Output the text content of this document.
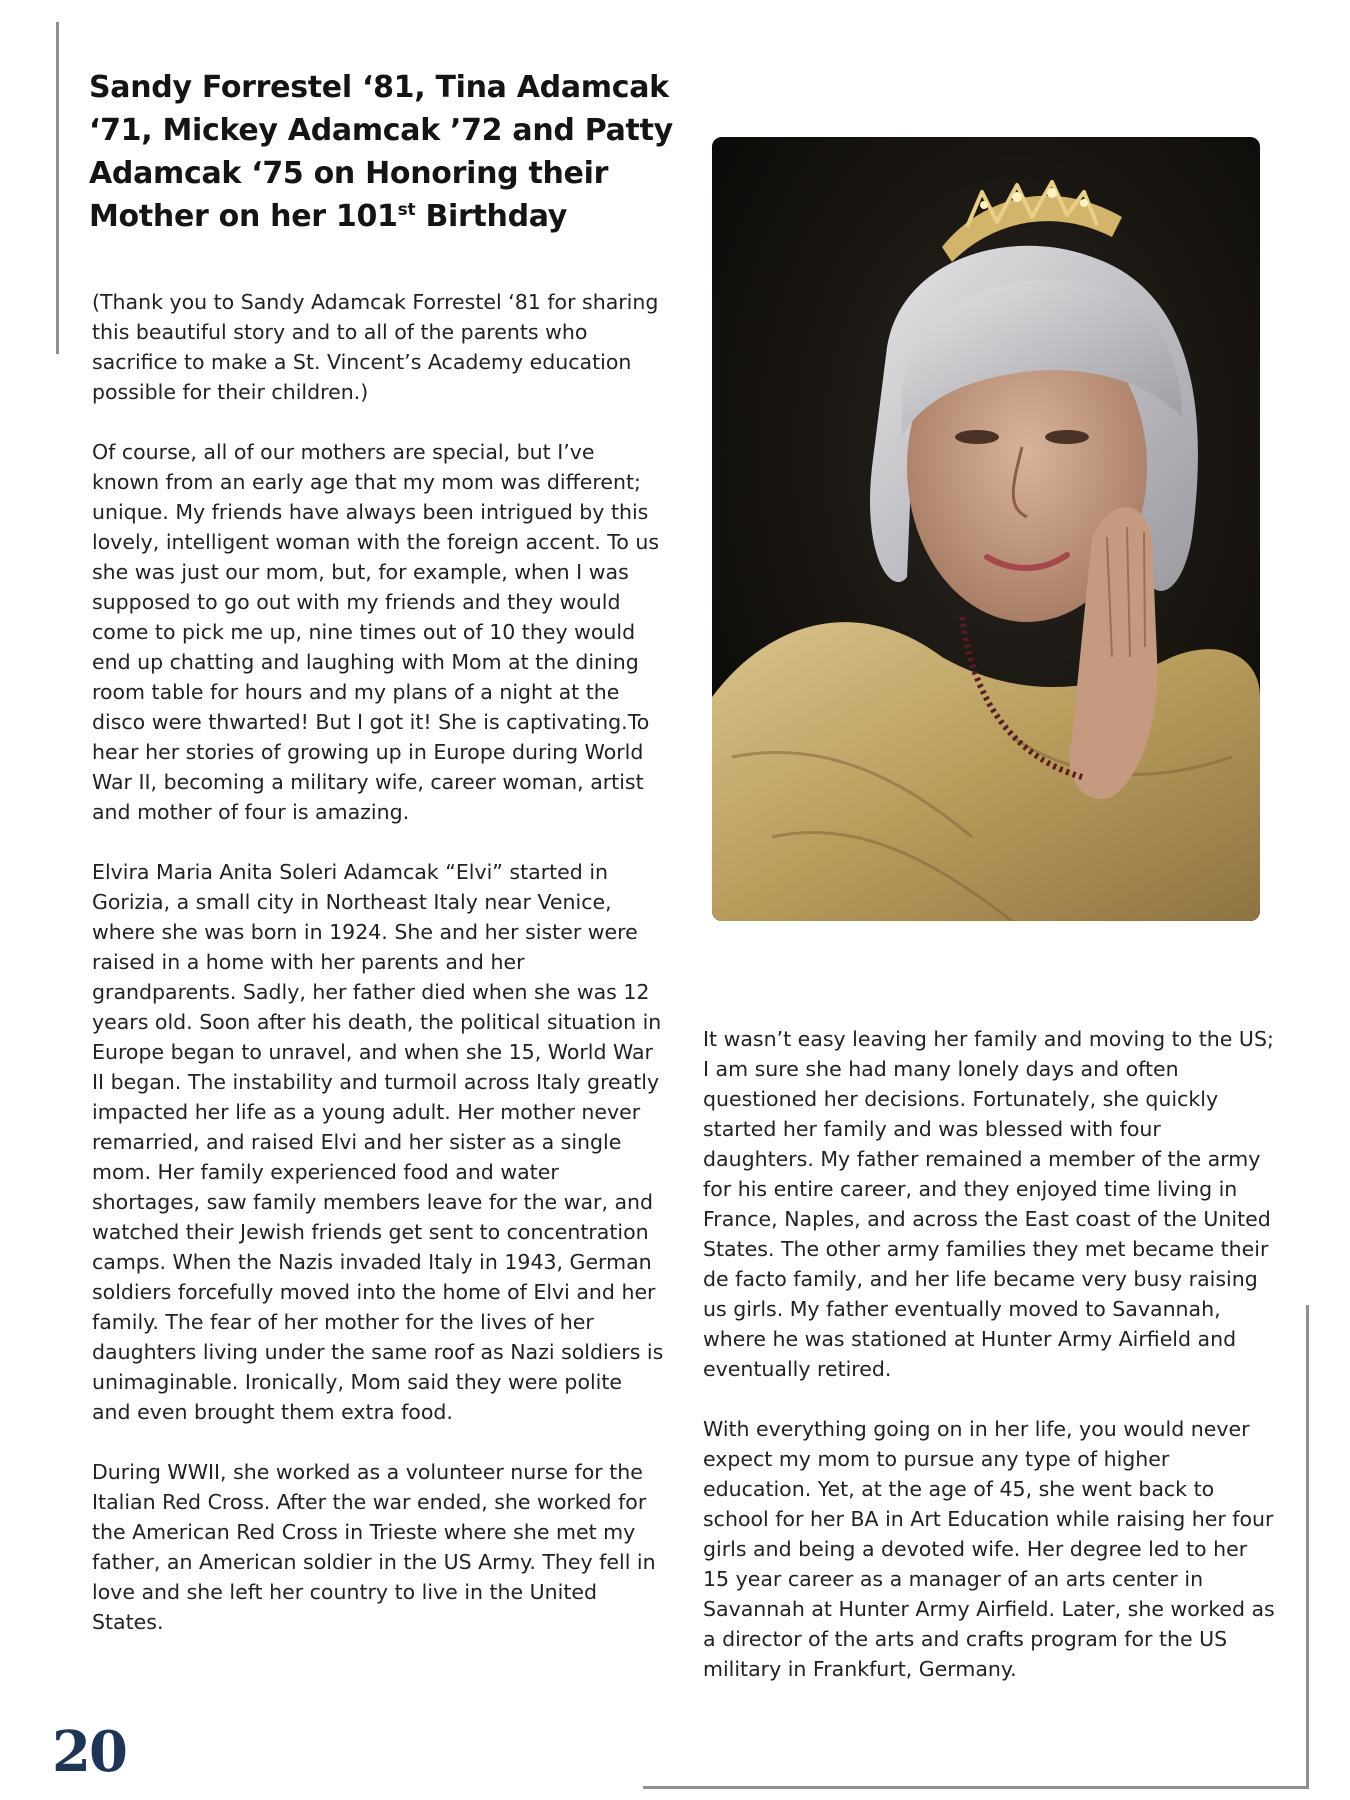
Sandy Forrestel ‘81, Tina Adamcak ‘71, Mickey Adamcak ’72 and Patty Adamcak ‘75 on Honoring their Mother on her 101st Birthday

(Thank you to Sandy Adamcak Forrestel ‘81 for sharing this beautiful story and to all of the parents who sacrifice to make a St. Vincent’s Academy education possible for their children.)

Of course, all of our mothers are special, but I’ve known from an early age that my mom was different; unique. My friends have always been intrigued by this lovely, intelligent woman with the foreign accent. To us she was just our mom, but, for example, when I was supposed to go out with my friends and they would come to pick me up, nine times out of 10 they would end up chatting and laughing with Mom at the dining room table for hours and my plans of a night at the disco were thwarted! But I got it! She is captivating.To hear her stories of growing up in Europe during World War II, becoming a military wife, career woman, artist and mother of four is amazing.

Elvira Maria Anita Soleri Adamcak “Elvi” started in Gorizia, a small city in Northeast Italy near Venice, where she was born in 1924. She and her sister were raised in a home with her parents and her grandparents. Sadly, her father died when she was 12 years old. Soon after his death, the political situation in Europe began to unravel, and when she 15, World War II began. The instability and turmoil across Italy greatly impacted her life as a young adult. Her mother never remarried, and raised Elvi and her sister as a single mom. Her family experienced food and water shortages, saw family members leave for the war, and watched their Jewish friends get sent to concentration camps. When the Nazis invaded Italy in 1943, German soldiers forcefully moved into the home of Elvi and her family. The fear of her mother for the lives of her daughters living under the same roof as Nazi soldiers is unimaginable. Ironically, Mom said they were polite and even brought them extra food.

During WWII, she worked as a volunteer nurse for the Italian Red Cross. After the war ended, she worked for the American Red Cross in Trieste where she met my father, an American soldier in the US Army. They fell in love and she left her country to live in the United States.

It wasn’t easy leaving her family and moving to the US; I am sure she had many lonely days and often questioned her decisions. Fortunately, she quickly started her family and was blessed with four daughters. My father remained a member of the army for his entire career, and they enjoyed time living in France, Naples, and across the East coast of the United States. The other army families they met became their de facto family, and her life became very busy raising us girls. My father eventually moved to Savannah, where he was stationed at Hunter Army Airfield and eventually retired.

With everything going on in her life, you would never expect my mom to pursue any type of higher education. Yet, at the age of 45, she went back to school for her BA in Art Education while raising her four girls and being a devoted wife. Her degree led to her 15 year career as a manager of an arts center in Savannah at Hunter Army Airfield. Later, she worked as a director of the arts and crafts program for the US military in Frankfurt, Germany.

20
